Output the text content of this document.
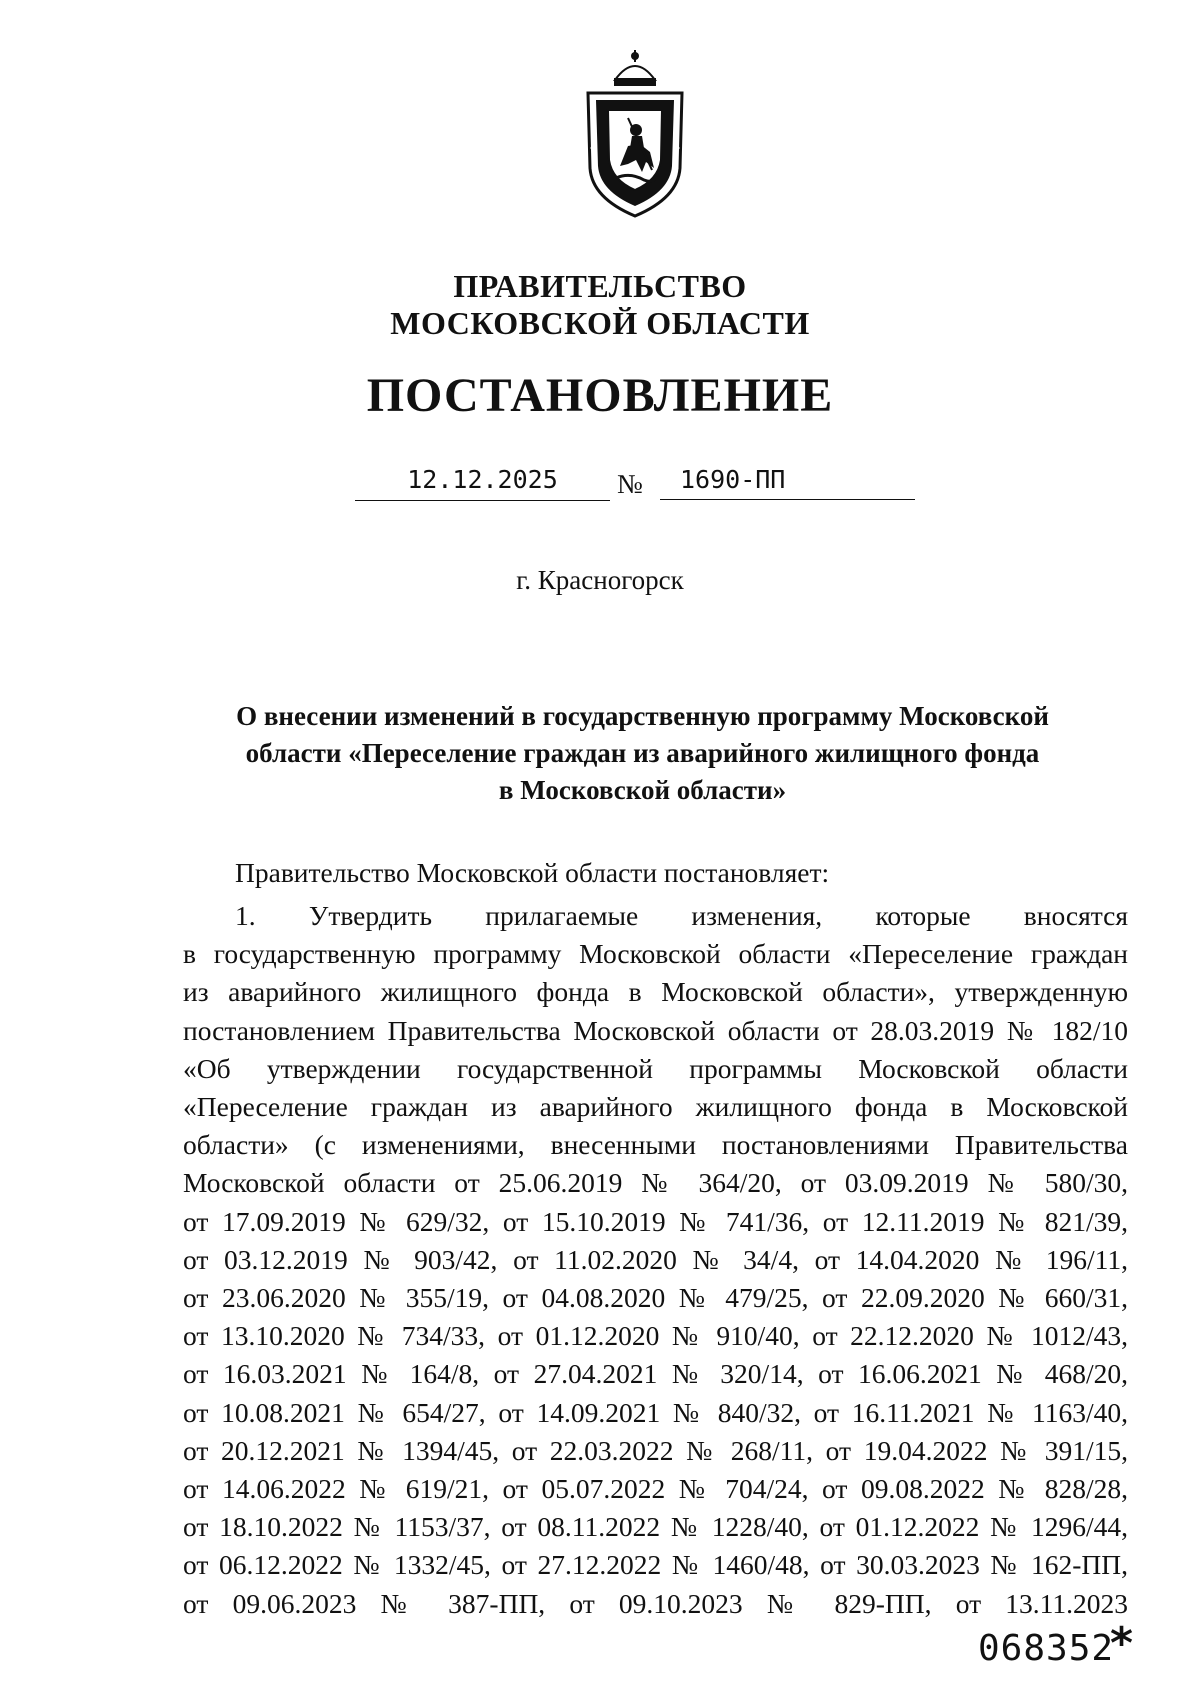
ПРАВИТЕЛЬСТВО
МОСКОВСКОЙ ОБЛАСТИ
ПОСТАНОВЛЕНИЕ
12.12.2025	№	1690-ПП
г. Красногорск
О внесении изменений в государственную программу Московской
области «Переселение граждан из аварийного жилищного фонда
в Московской области»
Правительство Московской области постановляет:
1. Утвердить прилагаемые изменения, которые вносятся
в государственную программу Московской области «Переселение граждан
из аварийного жилищного фонда в Московской области», утвержденную
постановлением Правительства Московской области от 28.03.2019 № 182/10
«Об утверждении государственной программы Московской области
«Переселение граждан из аварийного жилищного фонда в Московской
области» (с изменениями, внесенными постановлениями Правительства
Московской области от 25.06.2019 № 364/20, от 03.09.2019 № 580/30,
от 17.09.2019 № 629/32, от 15.10.2019 № 741/36, от 12.11.2019 № 821/39,
от 03.12.2019 № 903/42, от 11.02.2020 № 34/4, от 14.04.2020 № 196/11,
от 23.06.2020 № 355/19, от 04.08.2020 № 479/25, от 22.09.2020 № 660/31,
от 13.10.2020 № 734/33, от 01.12.2020 № 910/40, от 22.12.2020 № 1012/43,
от 16.03.2021 № 164/8, от 27.04.2021 № 320/14, от 16.06.2021 № 468/20,
от 10.08.2021 № 654/27, от 14.09.2021 № 840/32, от 16.11.2021 № 1163/40,
от 20.12.2021 № 1394/45, от 22.03.2022 № 268/11, от 19.04.2022 № 391/15,
от 14.06.2022 № 619/21, от 05.07.2022 № 704/24, от 09.08.2022 № 828/28,
от 18.10.2022 № 1153/37, от 08.11.2022 № 1228/40, от 01.12.2022 № 1296/44,
от 06.12.2022 № 1332/45, от 27.12.2022 № 1460/48, от 30.03.2023 № 162-ПП,
от 09.06.2023 № 387-ПП, от 09.10.2023 № 829-ПП, от 13.11.2023
068352
*
